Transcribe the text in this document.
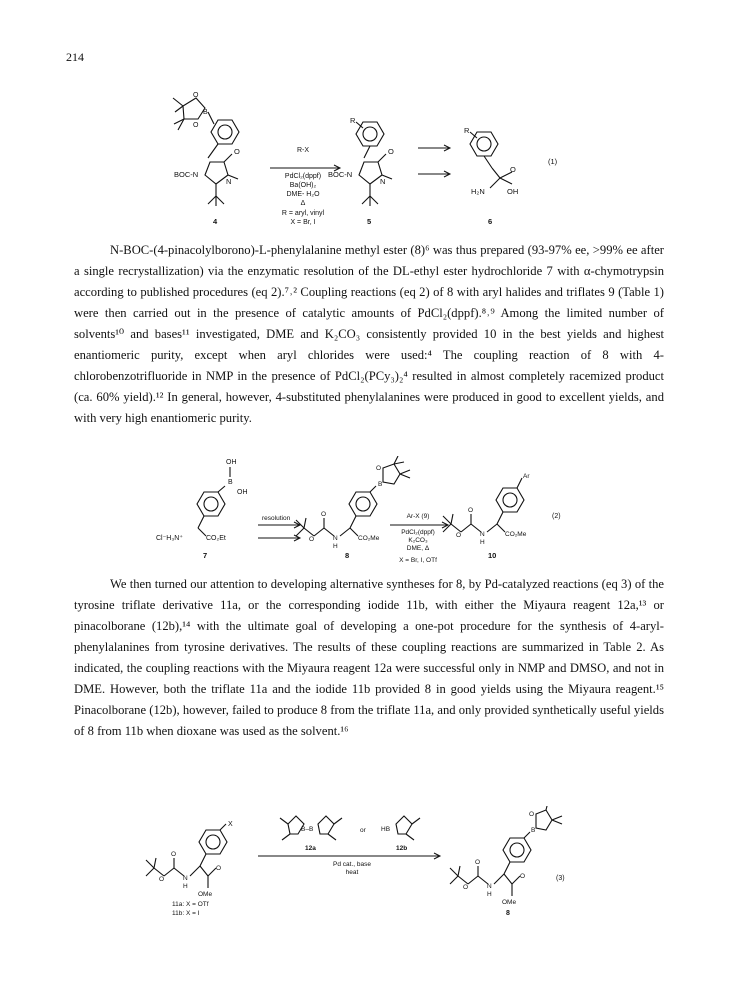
214
O
O
B
O
BOC-N
N
4
R-X
PdCl₂(dppf)
Ba(OH)₂
DME- H₂O
Δ
R = aryl, vinyl
X = Br, I
R
O
BOC-N
N
5
R
O
H₂N	OH
6
(1)

N-BOC-(4-pinacolylborono)-L-phenylalanine methyl ester (8)⁶ was thus prepared (93-97% ee, >99% ee after a single recrystallization) via the enzymatic resolution of the DL-ethyl ester hydrochloride 7 with α-chymotrypsin according to published procedures (eq 2).⁷˒² Coupling reactions (eq 2) of 8 with aryl halides and triflates 9 (Table 1) were then carried out in the presence of catalytic amounts of PdCl₂(dppf).⁸˒⁹ Among the limited number of solvents¹⁰ and bases¹¹ investigated, DME and K₂CO₃ consistently provided 10 in the best yields and highest enantiomeric purity, except when aryl chlorides were used:⁴ The coupling reaction of 8 with 4-chlorobenzotrifluoride in NMP in the presence of PdCl₂(PCy₃)₂⁴ resulted in almost completely racemized product (ca. 60% yield).¹² In general, however, 4-substituted phenylalanines were produced in good to excellent yields, and with very high enantiomeric purity.

OH
B
OH
Cl⁻H₃N⁺	CO₂Et
7
resolution
O
B
O
O	N
H
CO₂Me
8
Ar-X (9)
PdCl₂(dppf)
K₂CO₃
DME, Δ
X = Br, I, OTf
Ar
O
O	N
H
CO₂Me
10
(2)

We then turned our attention to developing alternative syntheses for 8, by Pd-catalyzed reactions (eq 3) of the tyrosine triflate derivative 11a, or the corresponding iodide 11b, with either the Miyaura reagent 12a,¹³ or pinacolborane (12b),¹⁴ with the ultimate goal of developing a one-pot procedure for the synthesis of 4-aryl-phenylalanines from tyrosine derivatives. The results of these coupling reactions are summarized in Table 2. As indicated, the coupling reactions with the Miyaura reagent 12a were successful only in NMP and DMSO, and not in DME. However, both the triflate 11a and the iodide 11b provided 8 in good yields using the Miyaura reagent.¹⁵ Pinacolborane (12b), however, failed to produce 8 from the triflate 11a, and only provided synthetically useful yields of 8 from 11b when dioxane was used as the solvent.¹⁶

X
O
O
O	N
H
OMe
11a: X = OTf
11b: X = I
B–B
12a
or HB
12b
Pd cat., base
heat
O
B
O
O
O	N
H
OMe
8
(3)
